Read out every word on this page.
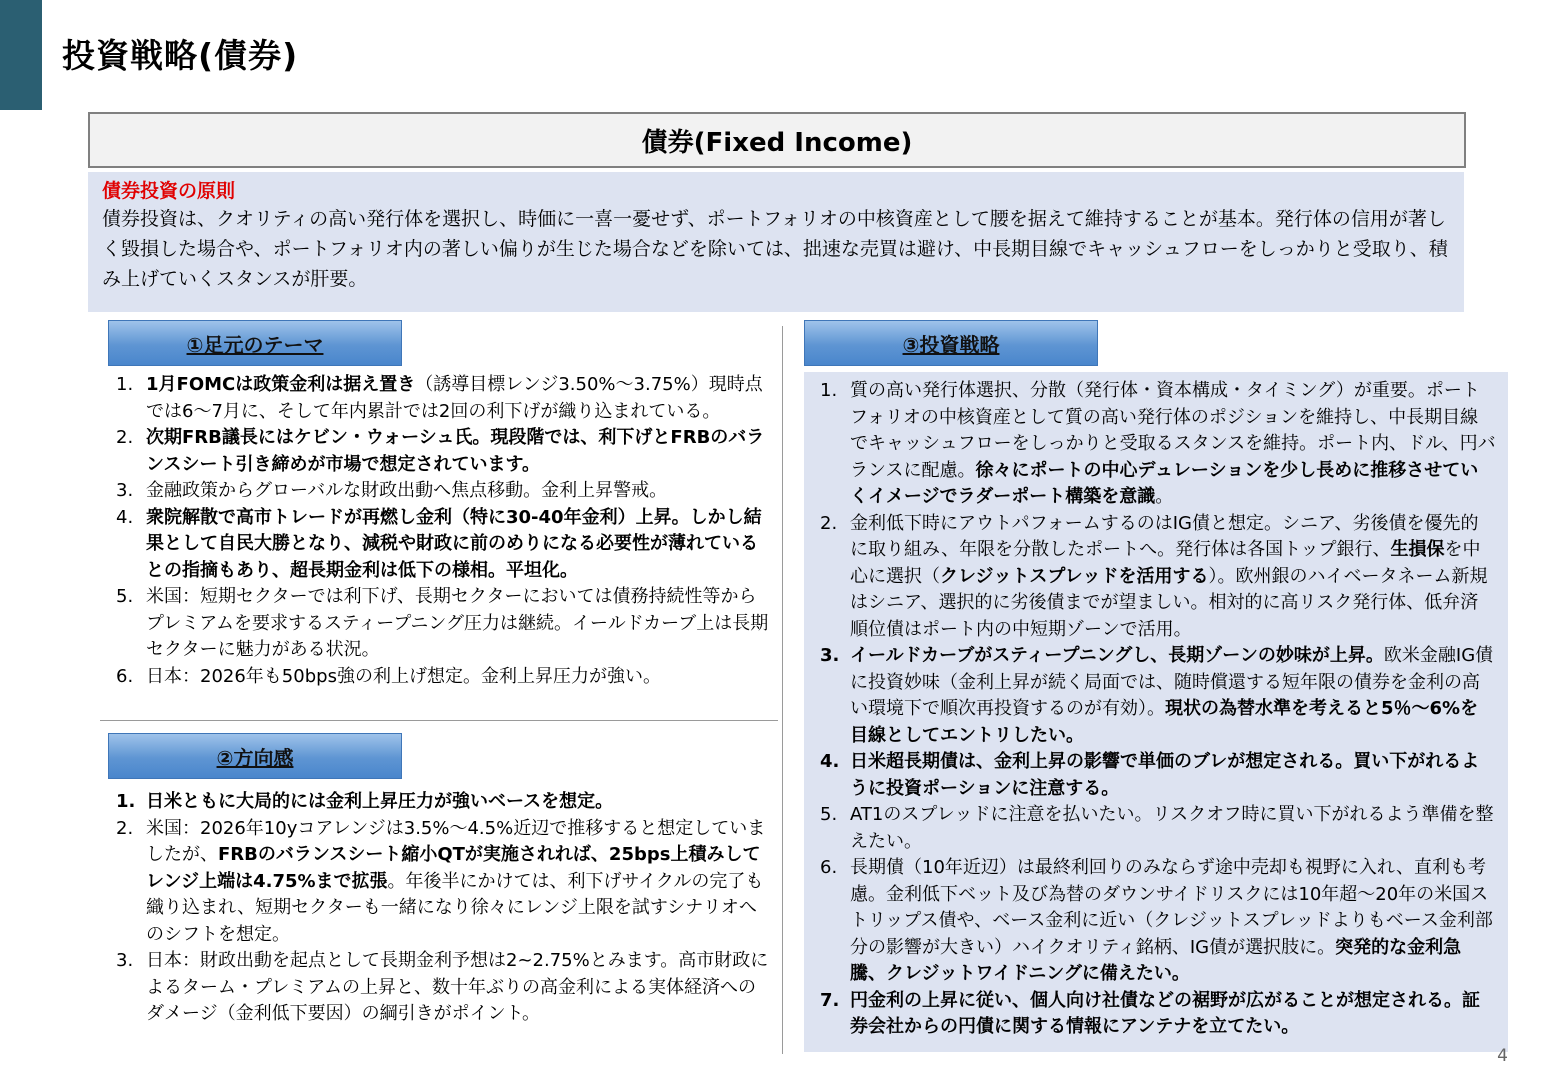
投資戦略(債券)
債券(Fixed Income)

債券投資の原則

債券投資は、クオリティの高い発行体を選択し、時価に一喜一憂せず、ポートフォリオの中核資産として腰を据えて維持することが基本。発行体の信用が著しく毀損した場合や、ポートフォリオ内の著しい偏りが生じた場合などを除いては、拙速な売買は避け、中長期目線でキャッシュフローをしっかりと受取り、積み上げていくスタンスが肝要。

①足元のテーマ
1. 1月FOMCは政策金利は据え置き（誘導目標レンジ3.50%～3.75%）現時点では6～7月に、そして年内累計では2回の利下げが織り込まれている。
2. 次期FRB議長にはケビン・ウォーシュ氏。現段階では、利下げとFRBのバランスシート引き締めが市場で想定されています。
3. 金融政策からグローバルな財政出動へ焦点移動。金利上昇警戒。
4. 衆院解散で高市トレードが再燃し金利（特に30-40年金利）上昇。しかし結果として自民大勝となり、減税や財政に前のめりになる必要性が薄れているとの指摘もあり、超長期金利は低下の様相。平坦化。
5. 米国：短期セクターでは利下げ、長期セクターにおいては債務持続性等からプレミアムを要求するスティープニング圧力は継続。イールドカーブ上は長期セクターに魅力がある状況。
6. 日本：2026年も50bps強の利上げ想定。金利上昇圧力が強い。
②方向感
1. 日米ともに大局的には金利上昇圧力が強いベースを想定。
2. 米国：2026年10yコアレンジは3.5%～4.5%近辺で推移すると想定していましたが、FRBのバランスシート縮小QTが実施されれば、25bps上積みしてレンジ上端は4.75%まで拡張。年後半にかけては、利下げサイクルの完了も織り込まれ、短期セクターも一緒になり徐々にレンジ上限を試すシナリオへのシフトを想定。
3. 日本：財政出動を起点として長期金利予想は2~2.75%とみます。高市財政によるターム・プレミアムの上昇と、数十年ぶりの高金利による実体経済へのダメージ（金利低下要因）の綱引きがポイント。
③投資戦略
1. 質の高い発行体選択、分散（発行体・資本構成・タイミング）が重要。ポートフォリオの中核資産として質の高い発行体のポジションを維持し、中長期目線でキャッシュフローをしっかりと受取るスタンスを維持。ポート内、ドル、円バランスに配慮。徐々にポートの中心デュレーションを少し長めに推移させていくイメージでラダーポート構築を意識。
2. 金利低下時にアウトパフォームするのはIG債と想定。シニア、劣後債を優先的に取り組み、年限を分散したポートへ。発行体は各国トップ銀行、生損保を中心に選択（クレジットスプレッドを活用する）。欧州銀のハイベータネーム新規はシニア、選択的に劣後債までが望ましい。相対的に高リスク発行体、低弁済順位債はポート内の中短期ゾーンで活用。
3. イールドカーブがスティープニングし、長期ゾーンの妙味が上昇。欧米金融IG債に投資妙味（金利上昇が続く局面では、随時償還する短年限の債券を金利の高い環境下で順次再投資するのが有効）。現状の為替水準を考えると5％～6%を目線としてエントリしたい。
4. 日米超長期債は、金利上昇の影響で単価のブレが想定される。買い下がれるように投資ポーションに注意する。
5. AT1のスプレッドに注意を払いたい。リスクオフ時に買い下がれるよう準備を整えたい。
6. 長期債（10年近辺）は最終利回りのみならず途中売却も視野に入れ、直利も考慮。金利低下ベット及び為替のダウンサイドリスクには10年超～20年の米国ストリップス債や、ベース金利に近い（クレジットスプレッドよりもベース金利部分の影響が大きい）ハイクオリティ銘柄、IG債が選択肢に。突発的な金利急騰、クレジットワイドニングに備えたい。
7. 円金利の上昇に従い、個人向け社債などの裾野が広がることが想定される。証券会社からの円債に関する情報にアンテナを立てたい。
4
